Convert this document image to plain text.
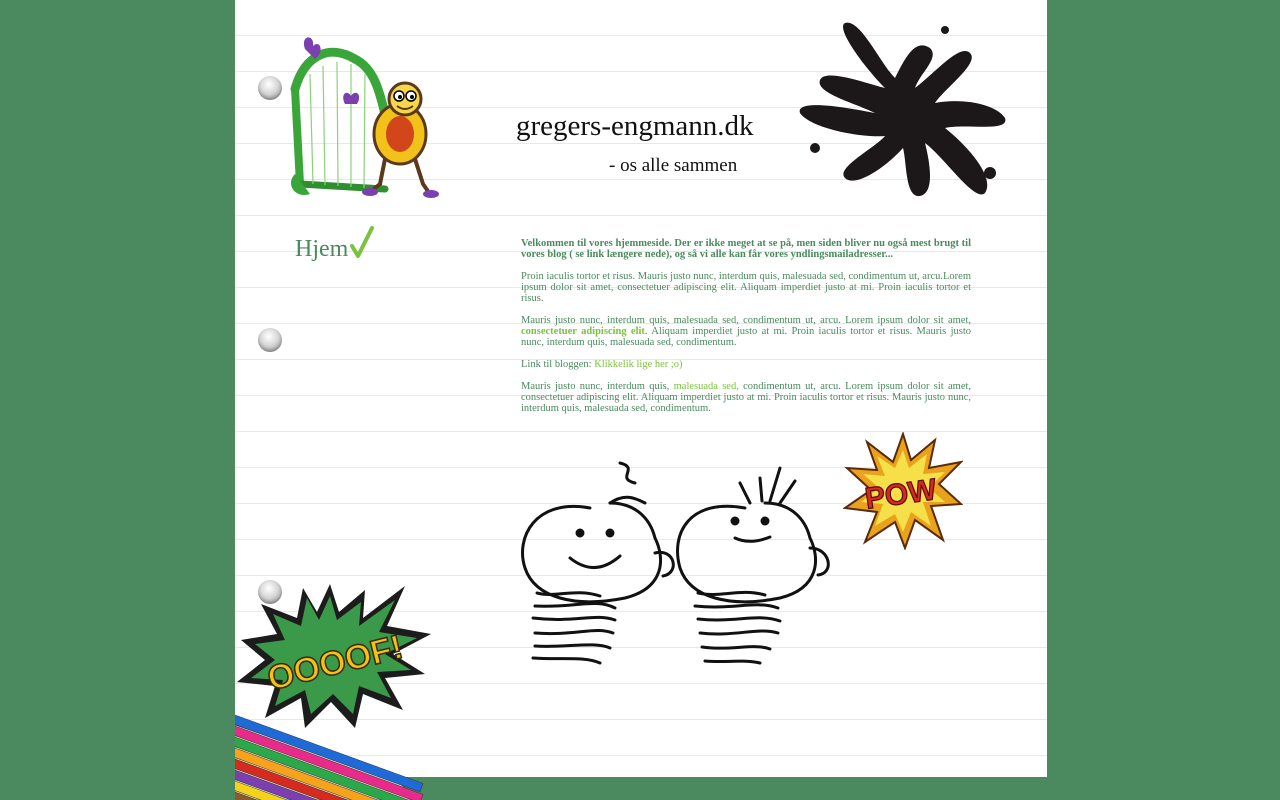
gregers-engmann.dk
- os alle sammen
Hjem	Velkommen til vores hjemmeside. Der er ikke meget at se på, men siden bliver nu også mest brugt til vores blog ( se link længere nede), og så vi alle kan får vores yndlingsmailadresser...

Proin iaculis tortor et risus. Mauris justo nunc, interdum quis, malesuada sed, condimentum ut, arcu.Lorem ipsum dolor sit amet, consectetuer adipiscing elit. Aliquam imperdiet justo at mi. Proin iaculis tortor et risus.

Mauris justo nunc, interdum quis, malesuada sed, condimentum ut, arcu. Lorem ipsum dolor sit amet, consectetuer adipiscing elit. Aliquam imperdiet justo at mi. Proin iaculis tortor et risus. Mauris justo nunc, interdum quis, malesuada sed, condimentum.

Link til bloggen: Klikkelik lige her ;o)

Mauris justo nunc, interdum quis, malesuada sed, condimentum ut, arcu. Lorem ipsum dolor sit amet, consectetuer adipiscing elit. Aliquam imperdiet justo at mi. Proin iaculis tortor et risus. Mauris justo nunc, interdum quis, malesuada sed, condimentum.

POW
OOOOF!
